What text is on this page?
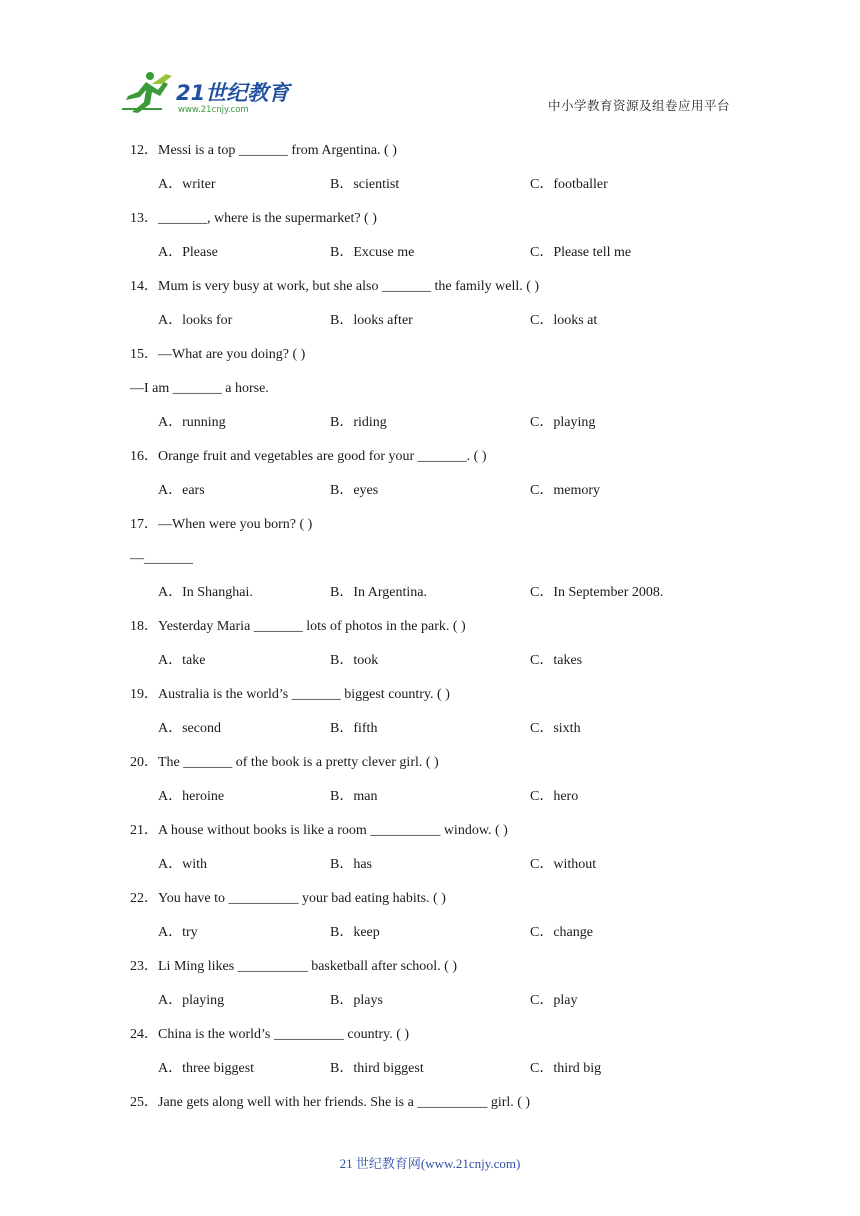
21世纪教育
www.21cnjy.com	中小学教育资源及组卷应用平台
12．Messi is a top _______ from Argentina. ( )
A．writer	B．scientist	C．footballer
13．_______, where is the supermarket? ( )
A．Please	B．Excuse me	C．Please tell me
14．Mum is very busy at work, but she also _______ the family well. ( )
A．looks for	B．looks after	C．looks at
15．—What are you doing? ( )
—I am _______ a horse.
A．running	B．riding	C．playing
16．Orange fruit and vegetables are good for your _______. ( )
A．ears	B．eyes	C．memory
17．—When were you born? ( )
—_______
A．In Shanghai.	B．In Argentina.	C．In September 2008.
18．Yesterday Maria _______ lots of photos in the park. ( )
A．take	B．took	C．takes
19．Australia is the world’s _______ biggest country. ( )
A．second	B．fifth	C．sixth
20．The _______ of the book is a pretty clever girl. ( )
A．heroine	B．man	C．hero
21．A house without books is like a room __________ window. ( )
A．with	B．has	C．without
22．You have to __________ your bad eating habits. ( )
A．try	B．keep	C．change
23．Li Ming likes __________ basketball after school. ( )
A．playing	B．plays	C．play
24．China is the world’s __________ country. ( )
A．three biggest	B．third biggest	C．third big
25．Jane gets along well with her friends. She is a __________ girl. ( )
21 世纪教育网(www.21cnjy.com)
